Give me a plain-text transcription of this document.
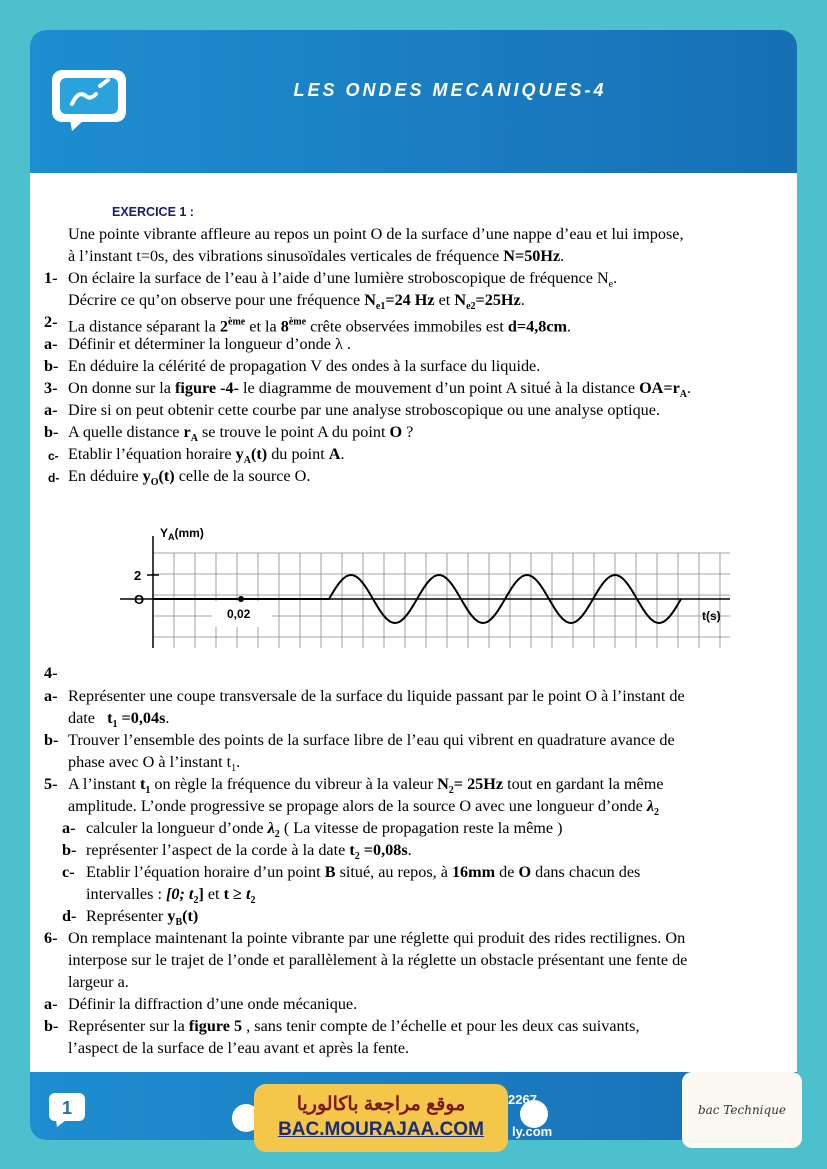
LES ONDES MECANIQUES-4
EXERCICE 1 :
Une pointe vibrante affleure au repos un point O de la surface d’une nappe d’eau et lui impose,
à l’instant t=0s, des vibrations sinusoïdales verticales de fréquence N=50Hz.
1- On éclaire la surface de l’eau à l’aide d’une lumière stroboscopique de fréquence $N_e$.
Décrire ce qu’on observe pour une fréquence $N_{e1}=24$ Hz et $N_{e2}=25Hz$.
2- La distance séparant la 2ème et la 8ème crête observées immobiles est d=4,8cm.
a- Définir et déterminer la longueur d’onde λ .
b- En déduire la célérité de propagation V des ondes à la surface du liquide.
3- On donne sur la figure -4- le diagramme de mouvement d’un point A situé à la distance $OA=r_A$.
a- Dire si on peut obtenir cette courbe par une analyse stroboscopique ou une analyse optique.
b- A quelle distance $r_A$ se trouve le point A du point O ?
c- Etablir l’équation horaire $y_A(t)$ du point A.
d- En déduire $y_O(t)$ celle de la source O.
$Y_A(mm)$
2
O
0,02	t(s)
4-
a- Représenter une coupe transversale de la surface du liquide passant par le point O à l’instant de
date $t_1 =0,04s$.
b- Trouver l’ensemble des points de la surface libre de l’eau qui vibrent en quadrature avance de
phase avec O à l’instant $t_1$.
5- A l’instant $t_1$ on règle la fréquence du vibreur à la valeur $N_2= 25Hz$ tout en gardant la même
amplitude. L’onde progressive se propage alors de la source O avec une longueur d’onde $\lambda_2$
a- calculer la longueur d’onde $\lambda_2$ ( La vitesse de propagation reste la même )
b- représenter l’aspect de la corde à la date $t_2 =0,08s$.
c- Etablir l’équation horaire d’un point B situé, au repos, à 16mm de O dans chacun des
intervalles : [0; $t_2$] et $t \ge t_2$
d- Représenter $y_B(t)$
6- On remplace maintenant la pointe vibrante par une réglette qui produit des rides rectilignes. On
interpose sur le trajet de l’onde et parallèlement à la réglette un obstacle présentant une fente de
largeur a.
a- Définir la diffraction d’une onde mécanique.
b- Représenter sur la figure 5 , sans tenir compte de l’échelle et pour les deux cas suivants,
l’aspect de la surface de l’eau avant et après la fente.
1	2267
ly.com
موقع مراجعة باكالوريا
BAC.MOURAJAA.COM
bac Technique
